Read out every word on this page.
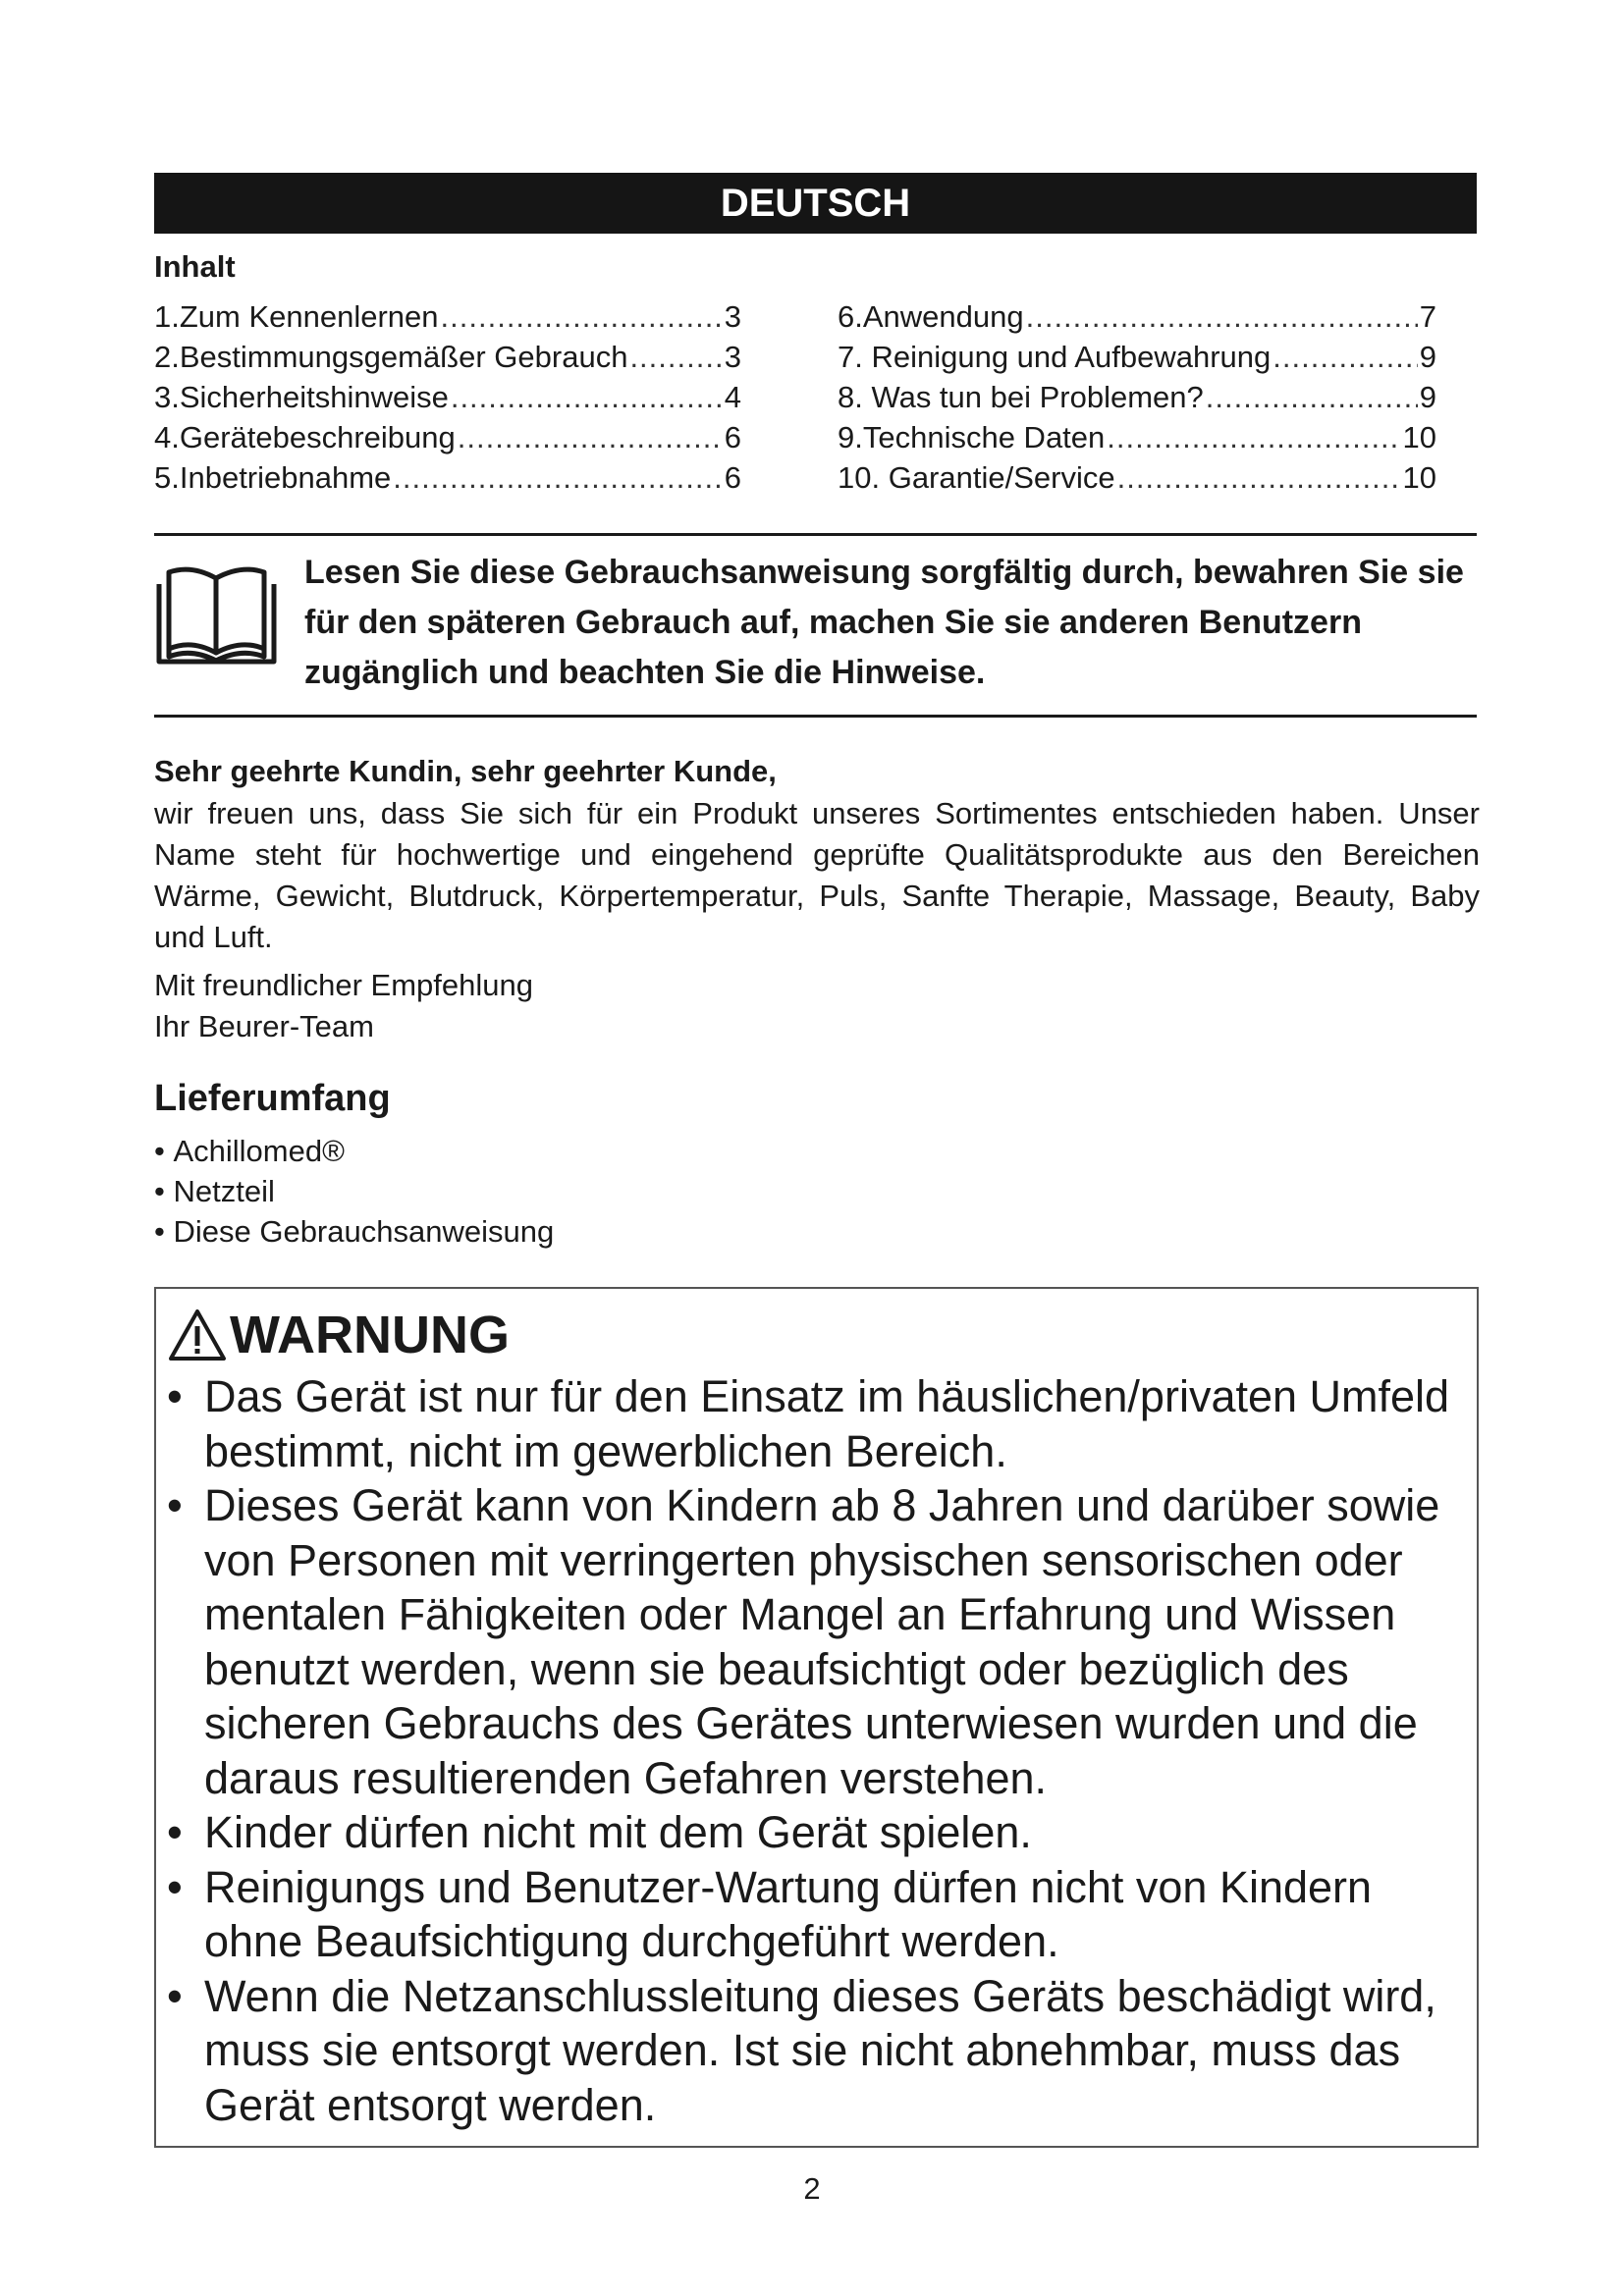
DEUTSCH
Inhalt
1.Zum Kennenlernen .....	3
2.Bestimmungsgemäßer Gebrauch .....	3
3.Sicherheitshinweise .....	4
4.Gerätebeschreibung .....	6
5.Inbetriebnahme .....	6
6.Anwendung .....	7
7. Reinigung und Aufbewahrung .....	9
8. Was tun bei Problemen? .....	9
9.Technische Daten .....	10
10. Garantie/Service .....	10
Lesen Sie diese Gebrauchsanweisung sorgfältig durch, bewahren Sie sie für den späteren Gebrauch auf, machen Sie sie anderen Benutzern zugänglich und beachten Sie die Hinweise.
Sehr geehrte Kundin, sehr geehrter Kunde,
wir freuen uns, dass Sie sich für ein Produkt unseres Sortimentes entschieden haben. Unser Name steht für hochwertige und eingehend geprüfte Qualitätsprodukte aus den Bereichen Wärme, Gewicht, Blutdruck, Körpertemperatur, Puls, Sanfte Therapie, Massage, Beauty, Baby und Luft.
Mit freundlicher Empfehlung
Ihr Beurer-Team
Lieferumfang
• Achillomed®
• Netzteil
• Diese Gebrauchsanweisung
WARNUNG
• Das Gerät ist nur für den Einsatz im häuslichen/privaten Umfeld bestimmt, nicht im gewerblichen Bereich.
• Dieses Gerät kann von Kindern ab 8 Jahren und darüber sowie von Personen mit verringerten physischen sensorischen oder mentalen Fähigkeiten oder Mangel an Erfahrung und Wissen benutzt werden, wenn sie beaufsichtigt oder bezüglich des sicheren Gebrauchs des Gerätes unterwiesen wurden und die daraus resultierenden Gefahren verstehen.
• Kinder dürfen nicht mit dem Gerät spielen.
• Reinigungs und Benutzer-Wartung dürfen nicht von Kindern ohne Beaufsichtigung durchgeführt werden.
• Wenn die Netzanschlussleitung dieses Geräts beschädigt wird, muss sie entsorgt werden. Ist sie nicht abnehmbar, muss das Gerät entsorgt werden.
2
